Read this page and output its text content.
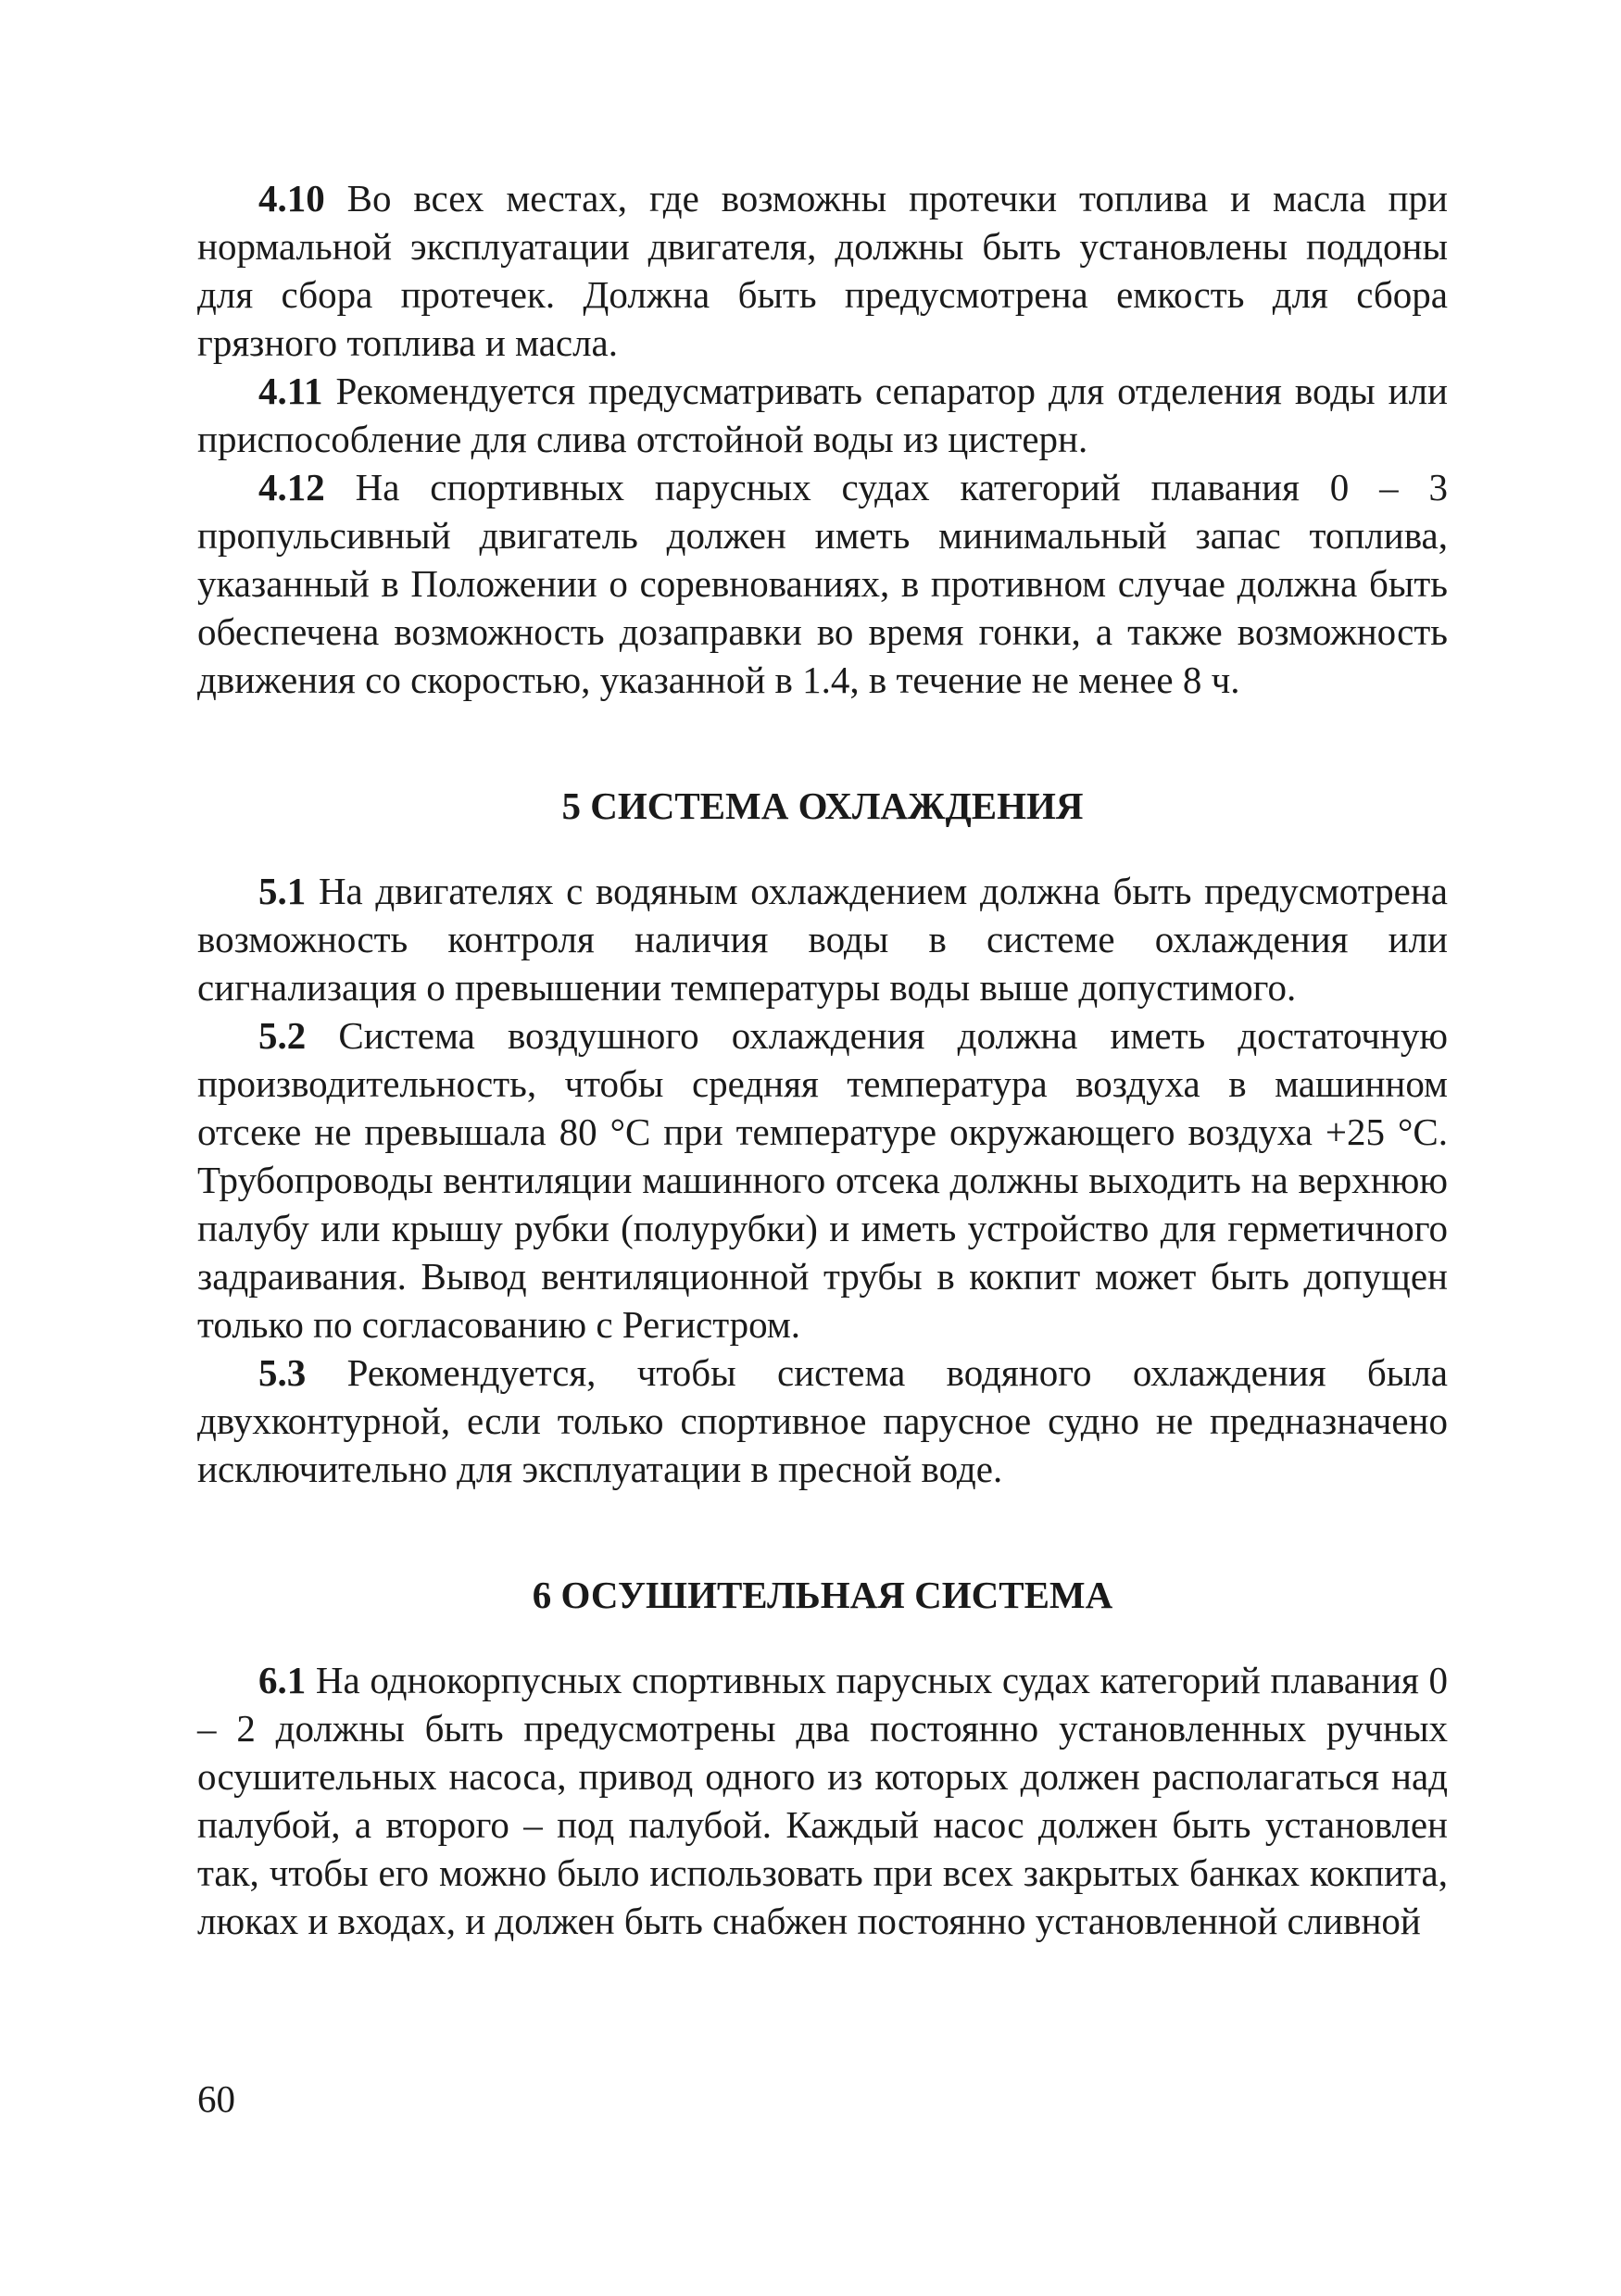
4.10 Во всех местах, где возможны протечки топлива и масла при нормальной эксплуатации двигателя, должны быть установлены поддоны для сбора протечек. Должна быть предусмотрена емкость для сбора грязного топлива и масла.

4.11 Рекомендуется предусматривать сепаратор для отделения воды или приспособление для слива отстойной воды из цистерн.

4.12 На спортивных парусных судах категорий плавания 0 – 3 пропульсивный двигатель должен иметь минимальный запас топлива, указанный в Положении о соревнованиях, в противном случае должна быть обеспечена возможность дозаправки во время гонки, а также возможность движения со скоростью, указанной в 1.4, в течение не менее 8 ч.

5 СИСТЕМА ОХЛАЖДЕНИЯ

5.1 На двигателях с водяным охлаждением должна быть предусмотрена возможность контроля наличия воды в системе охлаждения или сигнализация о превышении температуры воды выше допустимого.

5.2 Система воздушного охлаждения должна иметь достаточную производительность, чтобы средняя температура воздуха в машинном отсеке не превышала 80 °С при температуре окружающего воздуха +25 °С. Трубопроводы вентиляции машинного отсека должны выходить на верхнюю палубу или крышу рубки (полурубки) и иметь устройство для герметичного задраивания. Вывод вентиляционной трубы в кокпит может быть допущен только по согласованию с Регистром.

5.3 Рекомендуется, чтобы система водяного охлаждения была двухконтурной, если только спортивное парусное судно не предназначено исключительно для эксплуатации в пресной воде.

6 ОСУШИТЕЛЬНАЯ СИСТЕМА

6.1 На однокорпусных спортивных парусных судах категорий плавания 0 – 2 должны быть предусмотрены два постоянно установленных ручных осушительных насоса, привод одного из которых должен располагаться над палубой, а второго – под палубой. Каждый насос должен быть установлен так, чтобы его можно было использовать при всех закрытых банках кокпита, люках и входах, и должен быть снабжен постоянно установленной сливной

60
